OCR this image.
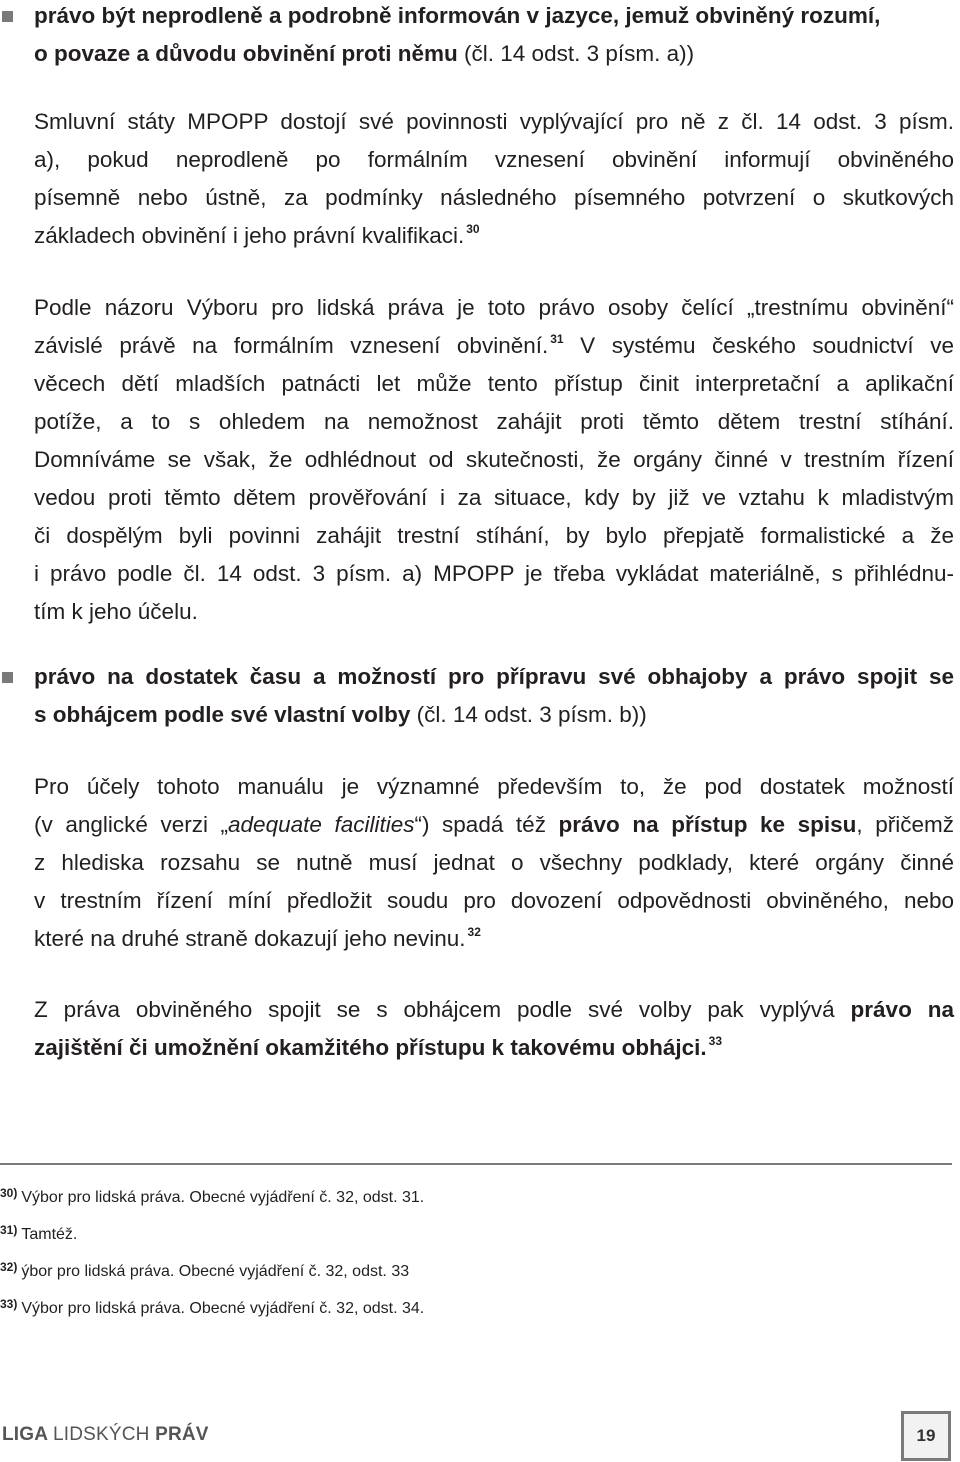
právo být neprodleně a podrobně informován v jazyce, jemuž obviněný rozumí,
o povaze a důvodu obvinění proti němu (čl. 14 odst. 3 písm. a))
Smluvní státy MPOPP dostojí své povinnosti vyplývající pro ně z čl. 14 odst. 3 písm.
a), pokud neprodleně po formálním vznesení obvinění informují obviněného
písemně nebo ústně, za podmínky následného písemného potvrzení o skutkových
základech obvinění i jeho právní kvalifikaci. $^{30}$
Podle názoru Výboru pro lidská práva je toto právo osoby čelící „trestnímu obvinění“
závislé právě na formálním vznesení obvinění. $^{31}$ V systému českého soudnictví ve
věcech dětí mladších patnácti let může tento přístup činit interpretační a aplikační
potíže, a to s ohledem na nemožnost zahájit proti těmto dětem trestní stíhání.
Domníváme se však, že odhlédnout od skutečnosti, že orgány činné v trestním řízení
vedou proti těmto dětem prověřování i za situace, kdy by již ve vztahu k mladistvým
či dospělým byli povinni zahájit trestní stíhání, by bylo přepjatě formalistické a že
i právo podle čl. 14 odst. 3 písm. a) MPOPP je třeba vykládat materiálně, s přihlédnu-
tím k jeho účelu.
právo na dostatek času a možností pro přípravu své obhajoby a právo spojit se
s obhájcem podle své vlastní volby (čl. 14 odst. 3 písm. b))
Pro účely tohoto manuálu je významné především to, že pod dostatek možností
(v anglické verzi „adequate facilities“) spadá též právo na přístup ke spisu, přičemž
z hlediska rozsahu se nutně musí jednat o všechny podklady, které orgány činné
v trestním řízení míní předložit soudu pro dovození odpovědnosti obviněného, nebo
které na druhé straně dokazují jeho nevinu. $^{32}$
Z práva obviněného spojit se s obhájcem podle své volby pak vyplývá právo na
zajištění či umožnění okamžitého přístupu k takovému obhájci. $^{33}$
$^{30)}$ Výbor pro lidská práva. Obecné vyjádření č. 32, odst. 31.
$^{31)}$ Tamtéž.
$^{32)}$ ýbor pro lidská práva. Obecné vyjádření č. 32, odst. 33
$^{33)}$ Výbor pro lidská práva. Obecné vyjádření č. 32, odst. 34.
LIGA LIDSKÝCH PRÁV	19
